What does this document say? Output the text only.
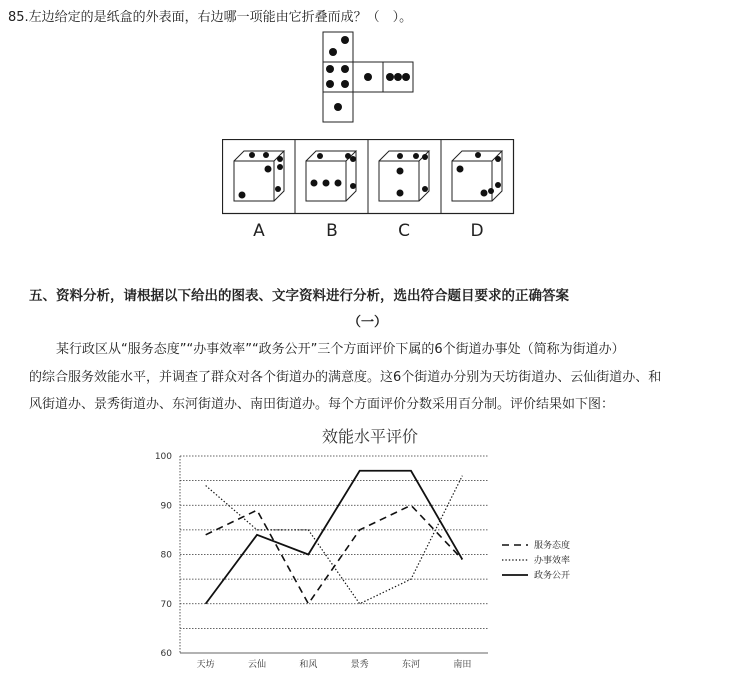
85.左边给定的是纸盒的外表面，右边哪一项能由它折叠而成？（　）。
A	B	C	D
五、资料分析，请根据以下给出的图表、文字资料进行分析，选出符合题目要求的正确答案
（一）
某行政区从“服务态度”“办事效率”“政务公开”三个方面评价下属的6个街道办事处（简称为街道办）
的综合服务效能水平，并调查了群众对各个街道办的满意度。这6个街道办分别为天坊街道办、云仙街道办、和
风街道办、景秀街道办、东河街道办、南田街道办。每个方面评价分数采用百分制。评价结果如下图：
效能水平评价
60
70
80
90
100
天坊	云仙	和风	景秀	东河	南田
服务态度
办事效率
政务公开
